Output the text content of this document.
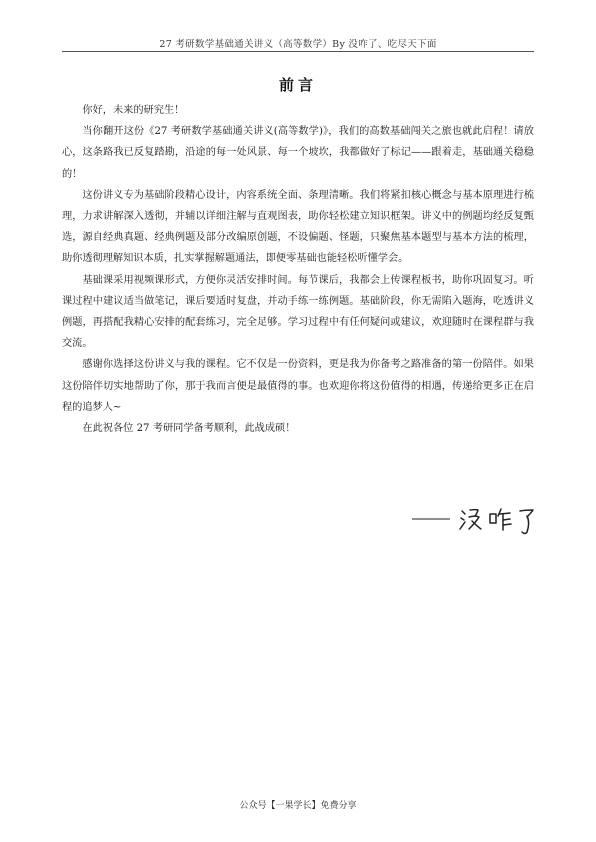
27 考研数学基础通关讲义（高等数学）By 没咋了、吃尽天下面
前言

你好，未来的研究生！

当你翻开这份《27 考研数学基础通关讲义(高等数学)》，我们的高数基础闯关之旅也就此启程！请放心，这条路我已反复踏勘，沿途的每一处风景、每一个坡坎，我都做好了标记——跟着走，基础通关稳稳的！

这份讲义专为基础阶段精心设计，内容系统全面、条理清晰。我们将紧扣核心概念与基本原理进行梳理，力求讲解深入透彻，并辅以详细注解与直观图表，助你轻松建立知识框架。讲义中的例题均经反复甄选，源自经典真题、经典例题及部分改编原创题，不设偏题、怪题，只聚焦基本题型与基本方法的梳理，助你透彻理解知识本质，扎实掌握解题通法，即便零基础也能轻松听懂学会。

基础课采用视频课形式，方便你灵活安排时间。每节课后，我都会上传课程板书，助你巩固复习。听课过程中建议适当做笔记，课后要适时复盘，并动手练一练例题。基础阶段，你无需陷入题海，吃透讲义例题，再搭配我精心安排的配套练习，完全足够。学习过程中有任何疑问或建议，欢迎随时在课程群与我交流。

感谢你选择这份讲义与我的课程。它不仅是一份资料，更是我为你备考之路准备的第一份陪伴。如果这份陪伴切实地帮助了你，那于我而言便是最值得的事。也欢迎你将这份值得的相遇，传递给更多正在启程的追梦人~

在此祝各位 27 考研同学备考顺利，此战成硕！

公众号【一果学长】免费分享
